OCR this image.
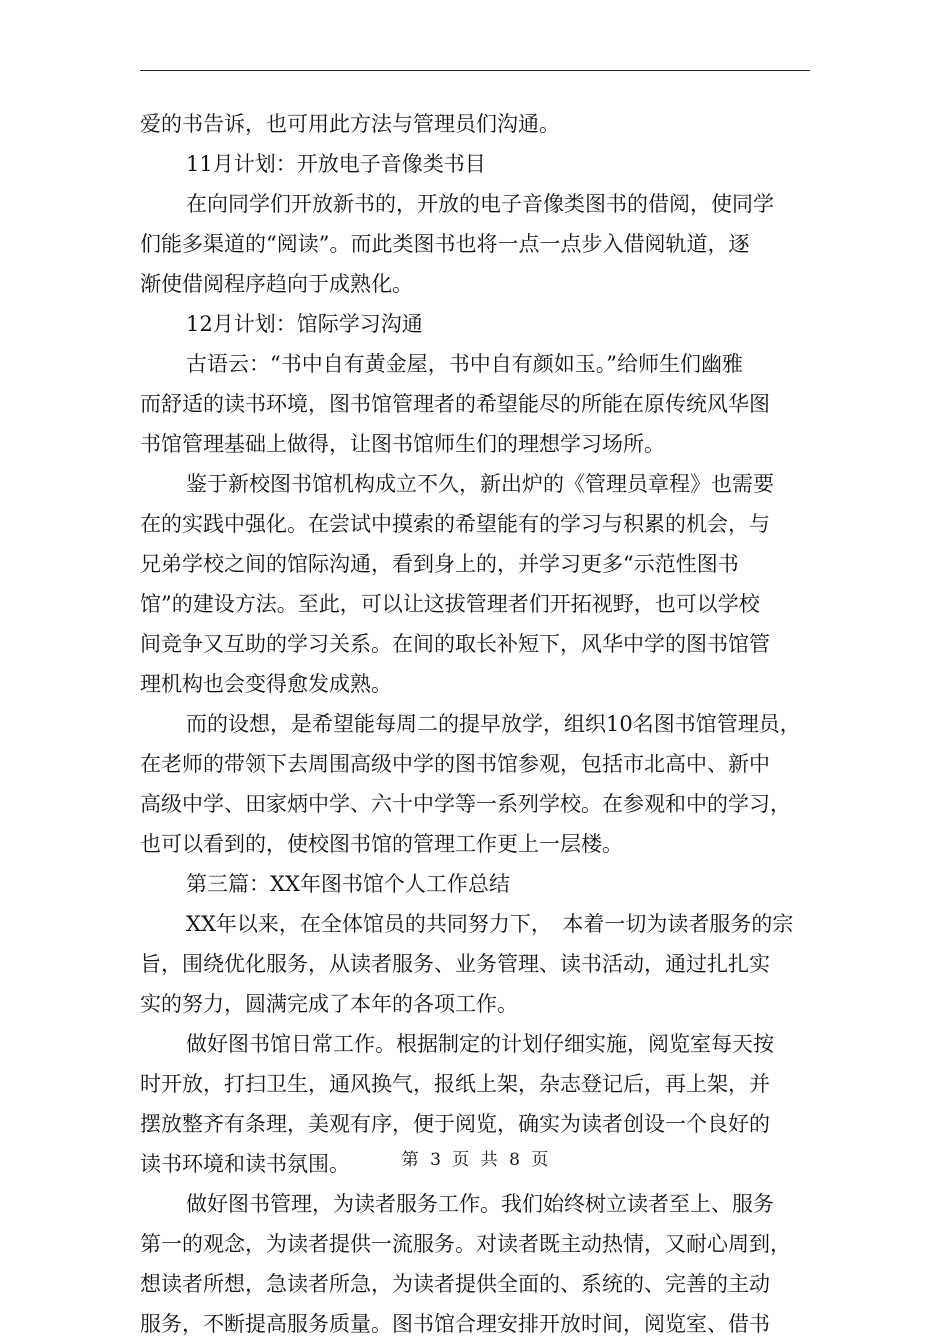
爱的书告诉，也可用此方法与管理员们沟通。
11月计划：开放电子音像类书目
在向同学们开放新书的，开放的电子音像类图书的借阅，使同学
们能多渠道的“阅读”。而此类图书也将一点一点步入借阅轨道，逐
渐使借阅程序趋向于成熟化。
12月计划：馆际学习沟通
古语云：“书中自有黄金屋，书中自有颜如玉。”给师生们幽雅
而舒适的读书环境，图书馆管理者的希望能尽的所能在原传统风华图
书馆管理基础上做得，让图书馆师生们的理想学习场所。
鉴于新校图书馆机构成立不久，新出炉的《管理员章程》也需要
在的实践中强化。在尝试中摸索的希望能有的学习与积累的机会，与
兄弟学校之间的馆际沟通，看到身上的，并学习更多“示范性图书
馆”的建设方法。至此，可以让这拔管理者们开拓视野，也可以学校
间竞争又互助的学习关系。在间的取长补短下，风华中学的图书馆管
理机构也会变得愈发成熟。
而的设想，是希望能每周二的提早放学，组织10名图书馆管理员，
在老师的带领下去周围高级中学的图书馆参观，包括市北高中、新中
高级中学、田家炳中学、六十中学等一系列学校。在参观和中的学习，
也可以看到的，使校图书馆的管理工作更上一层楼。
第三篇：XX年图书馆个人工作总结
XX年以来，在全体馆员的共同努力下，　本着一切为读者服务的宗
旨，围绕优化服务，从读者服务、业务管理、读书活动，通过扎扎实
实的努力，圆满完成了本年的各项工作。
做好图书馆日常工作。根据制定的计划仔细实施，阅览室每天按
时开放，打扫卫生，通风换气，报纸上架，杂志登记后，再上架，并
摆放整齐有条理，美观有序，便于阅览，确实为读者创设一个良好的
读书环境和读书氛围。
做好图书管理，为读者服务工作。我们始终树立读者至上、服务
第一的观念，为读者提供一流服务。对读者既主动热情，又耐心周到，
想读者所想，急读者所急，为读者提供全面的、系统的、完善的主动
服务，不断提高服务质量。图书馆合理安排开放时间，阅览室、借书
第 3 页 共 8 页
